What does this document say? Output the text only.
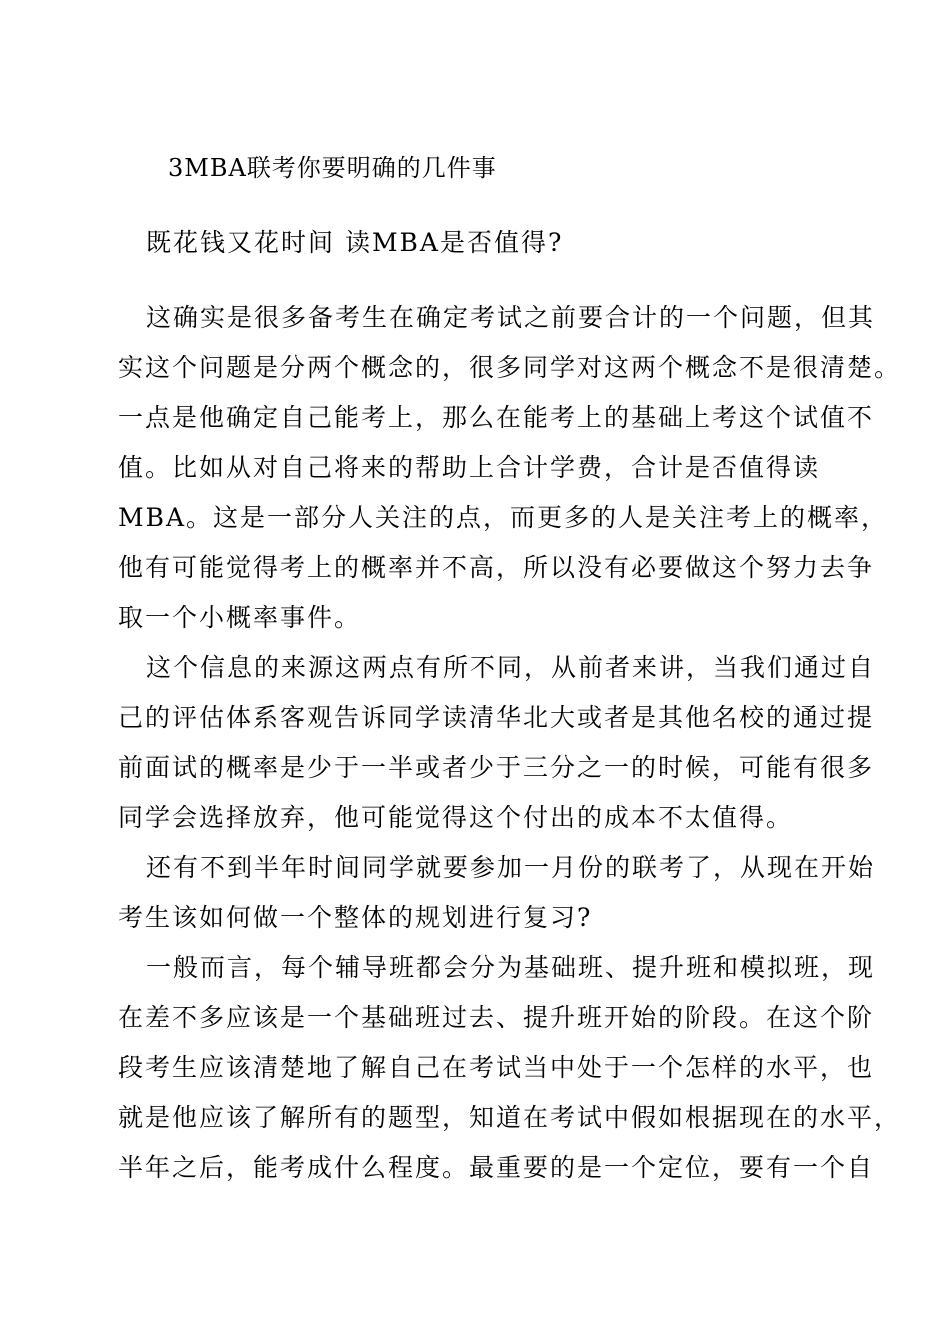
3MBA联考你要明确的几件事
既花钱又花时间 读MBA是否值得?
这确实是很多备考生在确定考试之前要合计的一个问题，但其
实这个问题是分两个概念的，很多同学对这两个概念不是很清楚。
一点是他确定自己能考上，那么在能考上的基础上考这个试值不
值。比如从对自己将来的帮助上合计学费，合计是否值得读
MBA。这是一部分人关注的点，而更多的人是关注考上的概率，
他有可能觉得考上的概率并不高，所以没有必要做这个努力去争
取一个小概率事件。
这个信息的来源这两点有所不同，从前者来讲，当我们通过自
己的评估体系客观告诉同学读清华北大或者是其他名校的通过提
前面试的概率是少于一半或者少于三分之一的时候，可能有很多
同学会选择放弃，他可能觉得这个付出的成本不太值得。
还有不到半年时间同学就要参加一月份的联考了，从现在开始
考生该如何做一个整体的规划进行复习?
一般而言，每个辅导班都会分为基础班、提升班和模拟班，现
在差不多应该是一个基础班过去、提升班开始的阶段。在这个阶
段考生应该清楚地了解自己在考试当中处于一个怎样的水平，也
就是他应该了解所有的题型，知道在考试中假如根据现在的水平，
半年之后，能考成什么程度。最重要的是一个定位，要有一个自
